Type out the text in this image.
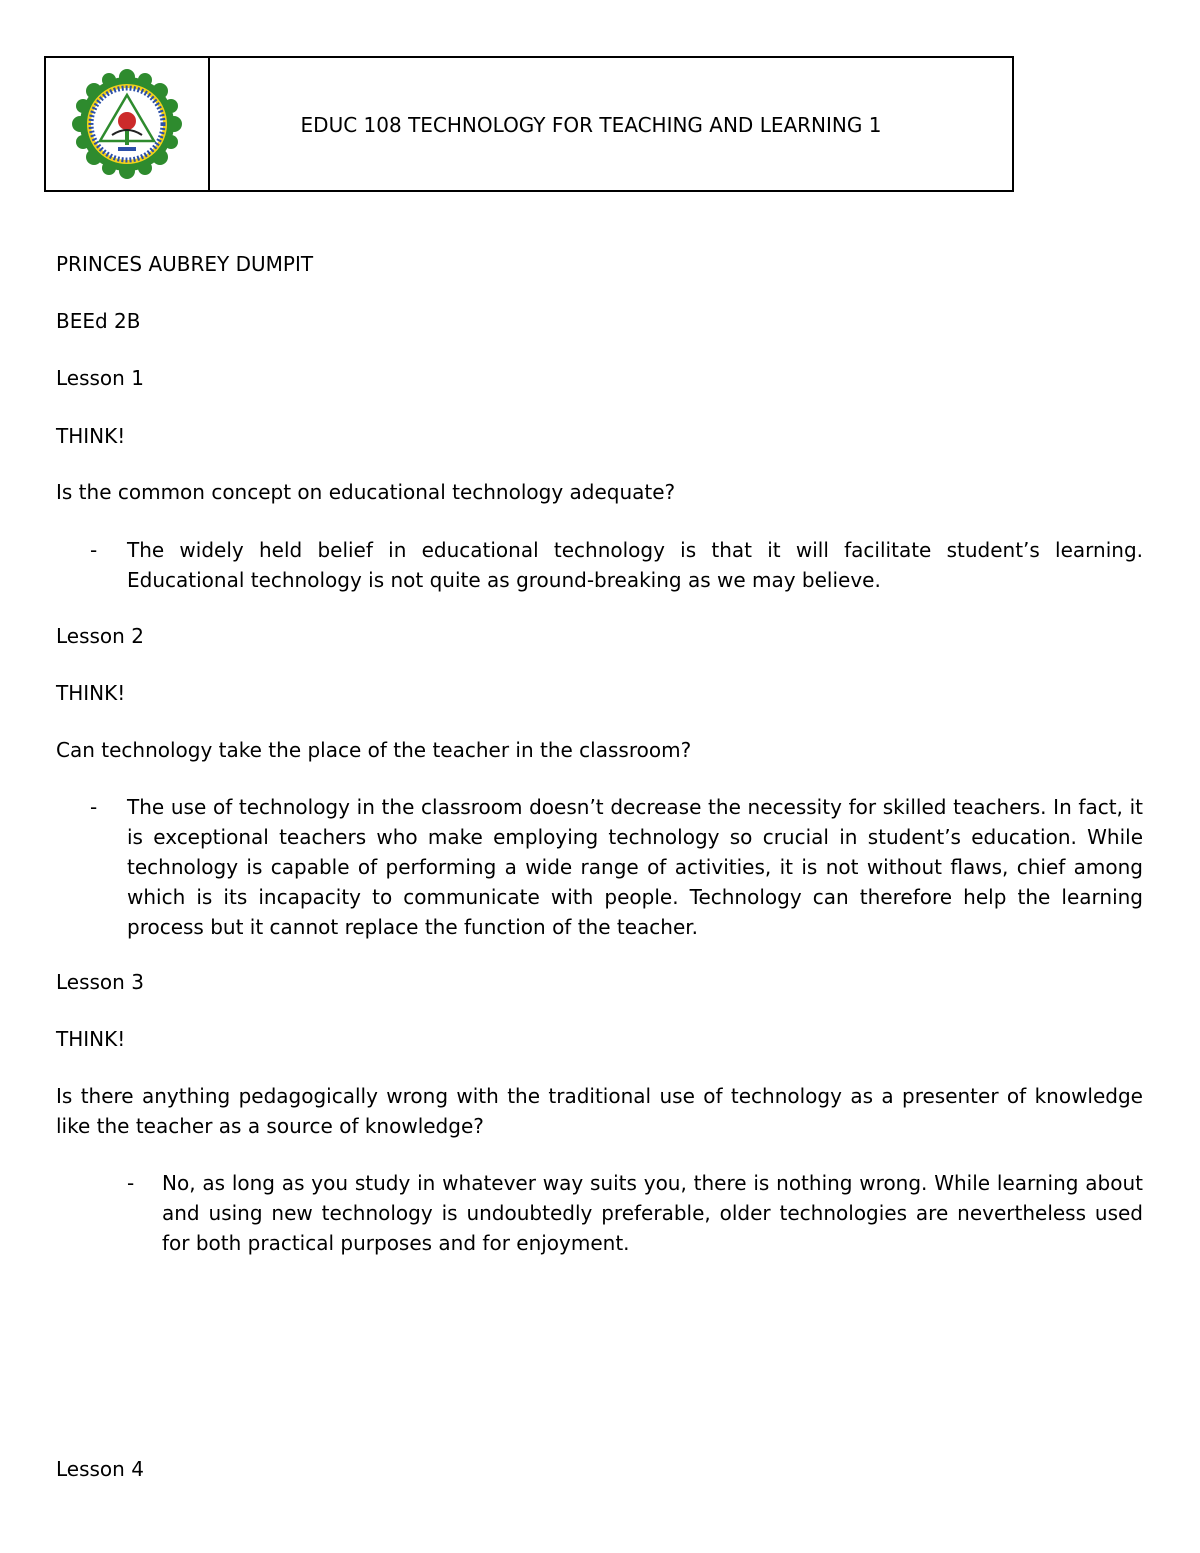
EDUC 108 TECHNOLOGY FOR TEACHING AND LEARNING 1

PRINCES AUBREY DUMPIT

BEEd 2B

Lesson 1

THINK!

Is the common concept on educational technology adequate?

- The widely held belief in educational technology is that it will facilitate student’s learning. Educational technology is not quite as ground-breaking as we may believe.

Lesson 2

THINK!

Can technology take the place of the teacher in the classroom?

- The use of technology in the classroom doesn’t decrease the necessity for skilled teachers. In fact, it is exceptional teachers who make employing technology so crucial in student’s education. While technology is capable of performing a wide range of activities, it is not without flaws, chief among which is its incapacity to communicate with people. Technology can therefore help the learning process but it cannot replace the function of the teacher.

Lesson 3

THINK!

Is there anything pedagogically wrong with the traditional use of technology as a presenter of knowledge like the teacher as a source of knowledge?

- No, as long as you study in whatever way suits you, there is nothing wrong. While learning about and using new technology is undoubtedly preferable, older technologies are nevertheless used for both practical purposes and for enjoyment.

Lesson 4
